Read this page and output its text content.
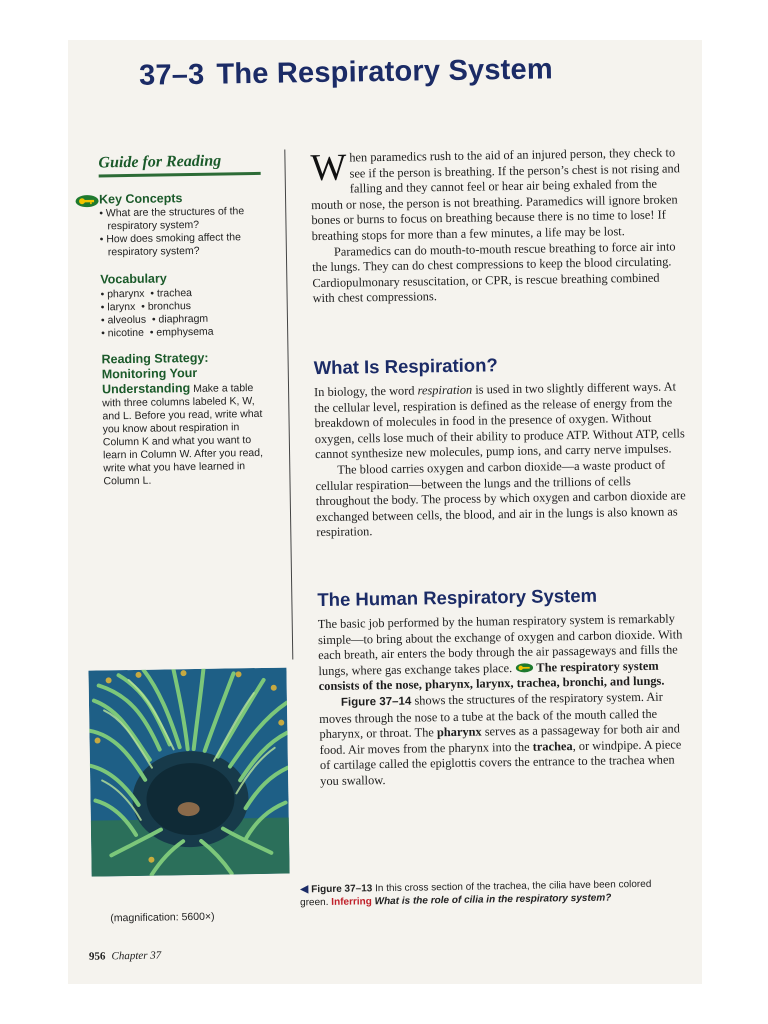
37–3 The Respiratory System
Guide for Reading
Key Concepts
• What are the structures of the respiratory system?
• How does smoking affect the respiratory system?
Vocabulary
• pharynx  • trachea
• larynx  • bronchus
• alveolus  • diaphragm
• nicotine  • emphysema
Reading Strategy: Monitoring Your Understanding Make a table with three columns labeled K, W, and L. Before you read, write what you know about respiration in Column K and what you want to learn in Column W. After you read, write what you have learned in Column L.

When paramedics rush to the aid of an injured person, they check to see if the person is breathing. If the person’s chest is not rising and falling and they cannot feel or hear air being exhaled from the mouth or nose, the person is not breathing. Paramedics will ignore broken bones or burns to focus on breathing because there is no time to lose! If breathing stops for more than a few minutes, a life may be lost.

Paramedics can do mouth-to-mouth rescue breathing to force air into the lungs. They can do chest compressions to keep the blood circulating. Cardiopulmonary resuscitation, or CPR, is rescue breathing combined with chest compressions.

What Is Respiration?

In biology, the word respiration is used in two slightly different ways. At the cellular level, respiration is defined as the release of energy from the breakdown of molecules in food in the presence of oxygen. Without oxygen, cells lose much of their ability to produce ATP. Without ATP, cells cannot synthesize new molecules, pump ions, and carry nerve impulses.

The blood carries oxygen and carbon dioxide—a waste product of cellular respiration—between the lungs and the trillions of cells throughout the body. The process by which oxygen and carbon dioxide are exchanged between cells, the blood, and air in the lungs is also known as respiration.

The Human Respiratory System

The basic job performed by the human respiratory system is remarkably simple—to bring about the exchange of oxygen and carbon dioxide. With each breath, air enters the body through the air passageways and fills the lungs, where gas exchange takes place.  The respiratory system consists of the nose, pharynx, larynx, trachea, bronchi, and lungs.

Figure 37–14 shows the structures of the respiratory system. Air moves through the nose to a tube at the back of the mouth called the pharynx, or throat. The pharynx serves as a passageway for both air and food. Air moves from the pharynx into the trachea, or windpipe. A piece of cartilage called the epiglottis covers the entrance to the trachea when you swallow.

(magnification: 5600×)
◀ Figure 37–13 In this cross section of the trachea, the cilia have been colored green. Inferring What is the role of cilia in the respiratory system?
956 Chapter 37
